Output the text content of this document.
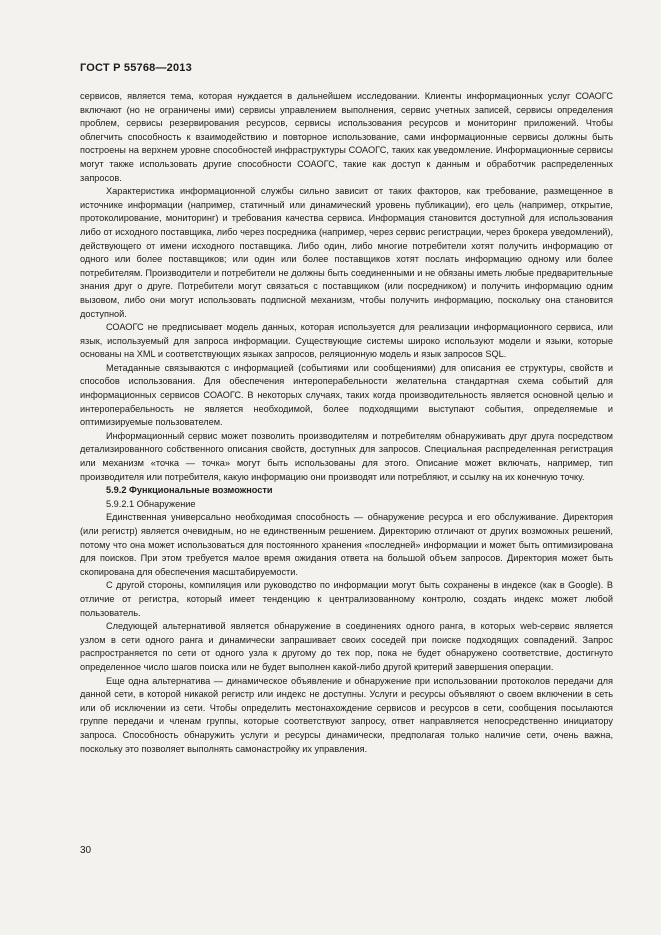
ГОСТ Р 55768—2013

сервисов, является тема, которая нуждается в дальнейшем исследовании. Клиенты информационных услуг СОАОГС включают (но не ограничены ими) сервисы управлением выполнения, сервис учетных записей, сервисы определения проблем, сервисы резервирования ресурсов, сервисы использования ресурсов и мониторинг приложений. Чтобы облегчить способность к взаимодействию и повторное использование, сами информационные сервисы должны быть построены на верхнем уровне способностей инфраструктуры СОАОГС, таких как уведомление. Информационные сервисы могут также использовать другие способности СОАОГС, такие как доступ к данным и обработчик распределенных запросов.

Характеристика информационной службы сильно зависит от таких факторов, как требование, размещенное в источнике информации (например, статичный или динамический уровень публикации), его цель (например, открытие, протоколирование, мониторинг) и требования качества сервиса. Информация становится доступной для использования либо от исходного поставщика, либо через посредника (например, через сервис регистрации, через брокера уведомлений), действующего от имени исходного поставщика. Либо один, либо многие потребители хотят получить информацию от одного или более поставщиков; или один или более поставщиков хотят послать информацию одному или более потребителям. Производители и потребители не должны быть соединенными и не обязаны иметь любые предварительные знания друг о друге. Потребители могут связаться с поставщиком (или посредником) и получить информацию одним вызовом, либо они могут использовать подписной механизм, чтобы получить информацию, поскольку она становится доступной.

СОАОГС не предписывает модель данных, которая используется для реализации информационного сервиса, или язык, используемый для запроса информации. Существующие системы широко используют модели и языки, которые основаны на XML и соответствующих языках запросов, реляционную модель и язык запросов SQL.

Метаданные связываются с информацией (событиями или сообщениями) для описания ее структуры, свойств и способов использования. Для обеспечения интероперабельности желательна стандартная схема событий для информационных сервисов СОАОГС. В некоторых случаях, таких когда производительность является основной целью и интероперабельность не является необходимой, более подходящими выступают события, определяемые и оптимизируемые пользователем.

Информационный сервис может позволить производителям и потребителям обнаруживать друг друга посредством детализированного собственного описания свойств, доступных для запросов. Специальная распределенная регистрация или механизм «точка — точка» могут быть использованы для этого. Описание может включать, например, тип производителя или потребителя, какую информацию они производят или потребляют, и ссылку на их конечную точку.

5.9.2 Функциональные возможности

5.9.2.1 Обнаружение

Единственная универсально необходимая способность — обнаружение ресурса и его обслуживание. Директория (или регистр) является очевидным, но не единственным решением. Директорию отличают от других возможных решений, потому что она может использоваться для постоянного хранения «последней» информации и может быть оптимизирована для поисков. При этом требуется малое время ожидания ответа на большой объем запросов. Директория может быть скопирована для обеспечения масштабируемости.

С другой стороны, компиляция или руководство по информации могут быть сохранены в индексе (как в Google). В отличие от регистра, который имеет тенденцию к централизованному контролю, создать индекс может любой пользователь.

Следующей альтернативой является обнаружение в соединениях одного ранга, в которых web-сервис является узлом в сети одного ранга и динамически запрашивает своих соседей при поиске подходящих совпадений. Запрос распространяется по сети от одного узла к другому до тех пор, пока не будет обнаружено соответствие, достигнуто определенное число шагов поиска или не будет выполнен какой-либо другой критерий завершения операции.

Еще одна альтернатива — динамическое объявление и обнаружение при использовании протоколов передачи для данной сети, в которой никакой регистр или индекс не доступны. Услуги и ресурсы объявляют о своем включении в сеть или об исключении из сети. Чтобы определить местонахождение сервисов и ресурсов в сети, сообщения посылаются группе передачи и членам группы, которые соответствуют запросу, ответ направляется непосредственно инициатору запроса. Способность обнаружить услуги и ресурсы динамически, предполагая только наличие сети, очень важна, поскольку это позволяет выполнять самонастройку их управления.

30
